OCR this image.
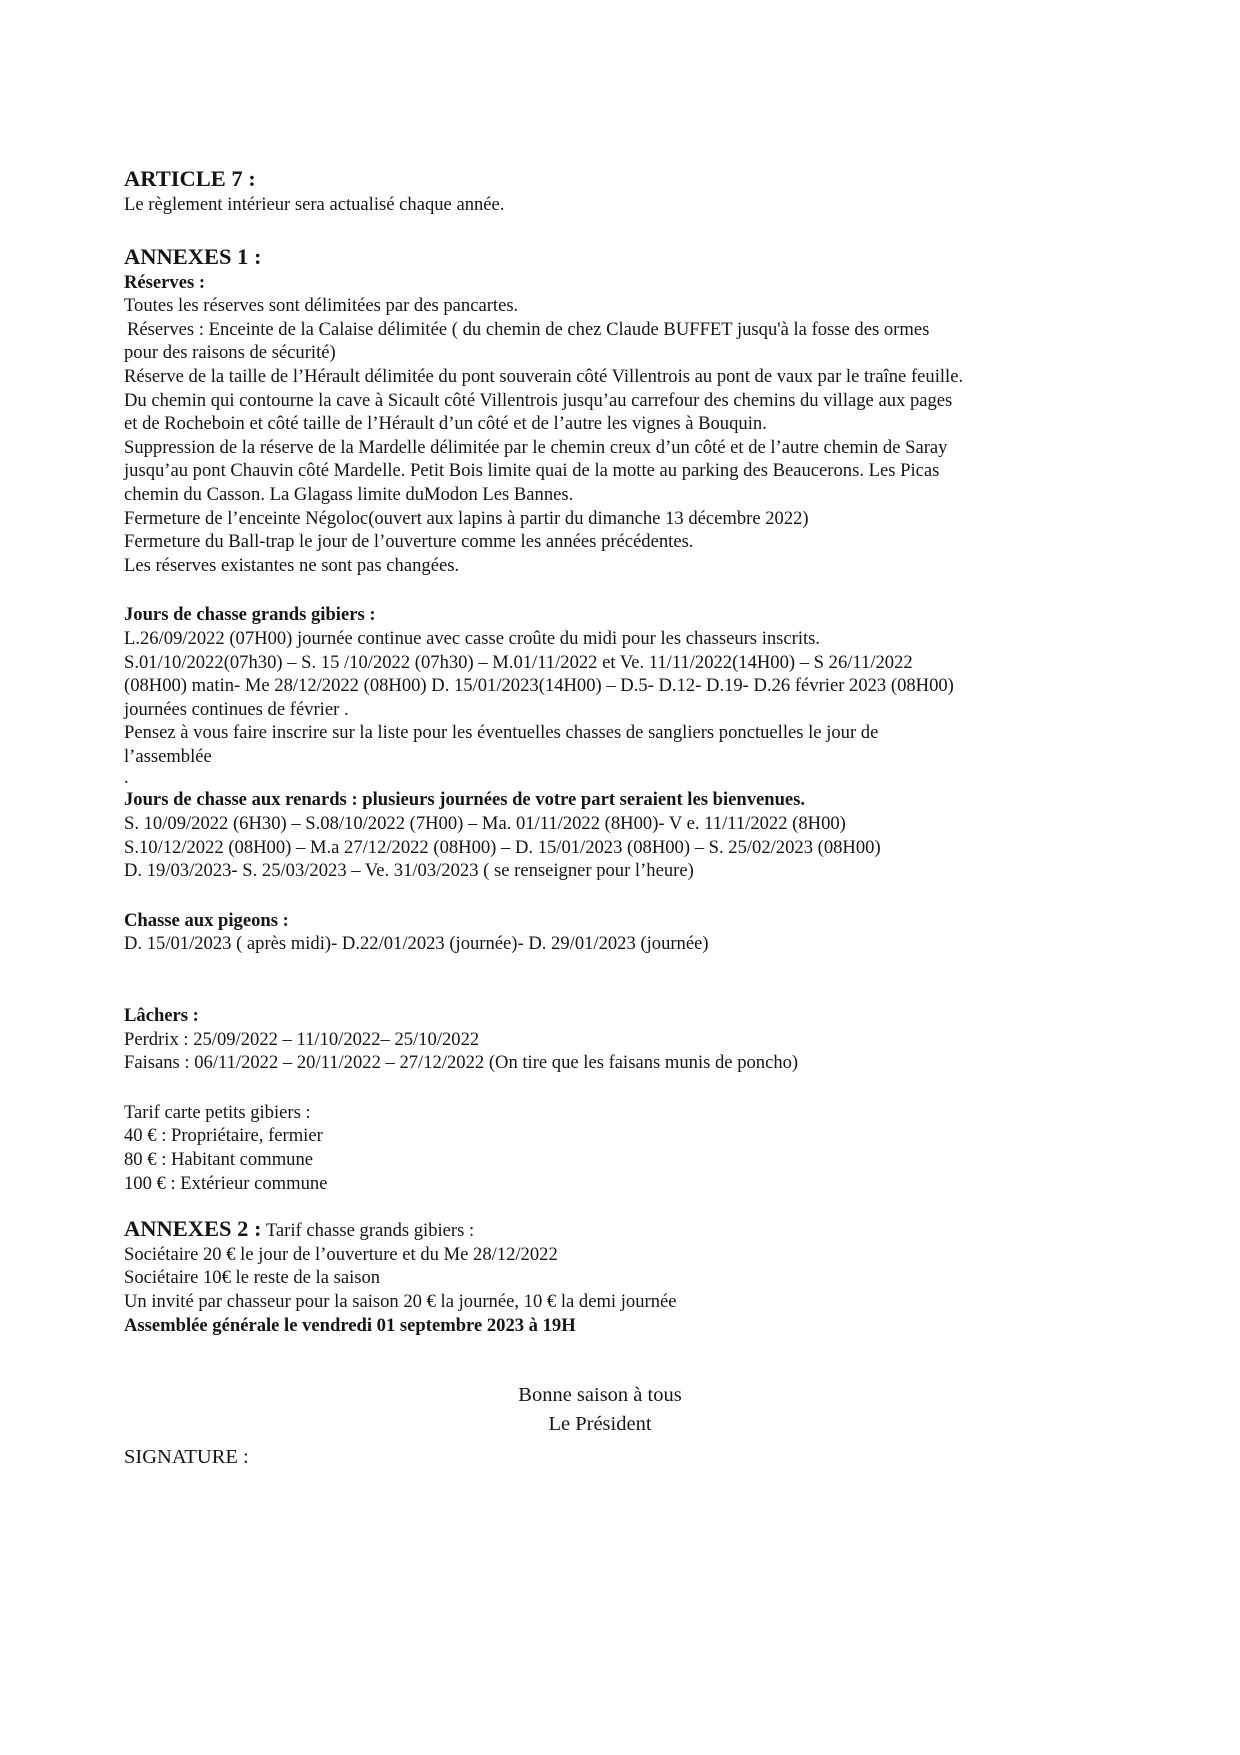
ARTICLE 7 :
Le règlement intérieur sera actualisé chaque année.
ANNEXES 1 :
Réserves :
Toutes les réserves sont délimitées par des pancartes.
Réserves : Enceinte de la Calaise délimitée ( du chemin de chez Claude BUFFET jusqu'à la fosse des ormes
pour des raisons de sécurité)
Réserve de la taille de l’Hérault délimitée du pont souverain côté Villentrois au pont de vaux par le traîne feuille.
Du chemin qui contourne la cave à Sicault côté Villentrois jusqu’au carrefour des chemins du village aux pages
et de Rocheboin et côté taille de l’Hérault d’un côté et de l’autre les vignes à Bouquin.
Suppression de la réserve de la Mardelle délimitée par le chemin creux d’un côté et de l’autre chemin de Saray
jusqu’au pont Chauvin côté Mardelle. Petit Bois limite quai de la motte au parking des Beaucerons. Les Picas
chemin du Casson. La Glagass limite duModon Les Bannes.
Fermeture de l’enceinte Négoloc(ouvert aux lapins à partir du dimanche 13 décembre 2022)
Fermeture du Ball-trap le jour de l’ouverture comme les années précédentes.
Les réserves existantes ne sont pas changées.
Jours de chasse grands gibiers :
L.26/09/2022 (07H00) journée continue avec casse croûte du midi pour les chasseurs inscrits.
S.01/10/2022(07h30) – S. 15 /10/2022 (07h30) – M.01/11/2022 et Ve. 11/11/2022(14H00) – S 26/11/2022
(08H00) matin- Me 28/12/2022 (08H00) D. 15/01/2023(14H00) – D.5- D.12- D.19- D.26 février 2023 (08H00)
journées continues de février .
Pensez à vous faire inscrire sur la liste pour les éventuelles chasses de sangliers ponctuelles le jour de
l’assemblée
.
Jours de chasse aux renards : plusieurs journées de votre part seraient les bienvenues.
S. 10/09/2022 (6H30) – S.08/10/2022 (7H00) – Ma. 01/11/2022 (8H00)- V e. 11/11/2022 (8H00)
S.10/12/2022 (08H00) – M.a 27/12/2022 (08H00) – D. 15/01/2023 (08H00) – S. 25/02/2023 (08H00)
D. 19/03/2023- S. 25/03/2023 – Ve. 31/03/2023 ( se renseigner pour l’heure)
Chasse aux pigeons :
D. 15/01/2023 ( après midi)- D.22/01/2023 (journée)- D. 29/01/2023 (journée)
Lâchers :
Perdrix : 25/09/2022 – 11/10/2022– 25/10/2022
Faisans : 06/11/2022 – 20/11/2022 – 27/12/2022 (On tire que les faisans munis de poncho)
Tarif carte petits gibiers :
40 € : Propriétaire, fermier
80 € : Habitant commune
100 € : Extérieur commune
ANNEXES 2 : Tarif chasse grands gibiers :
Sociétaire 20 € le jour de l’ouverture et du Me 28/12/2022
Sociétaire 10€ le reste de la saison
Un invité par chasseur pour la saison 20 € la journée, 10 € la demi journée
Assemblée générale le vendredi 01 septembre 2023 à 19H
Bonne saison à tous
Le Président
SIGNATURE :
